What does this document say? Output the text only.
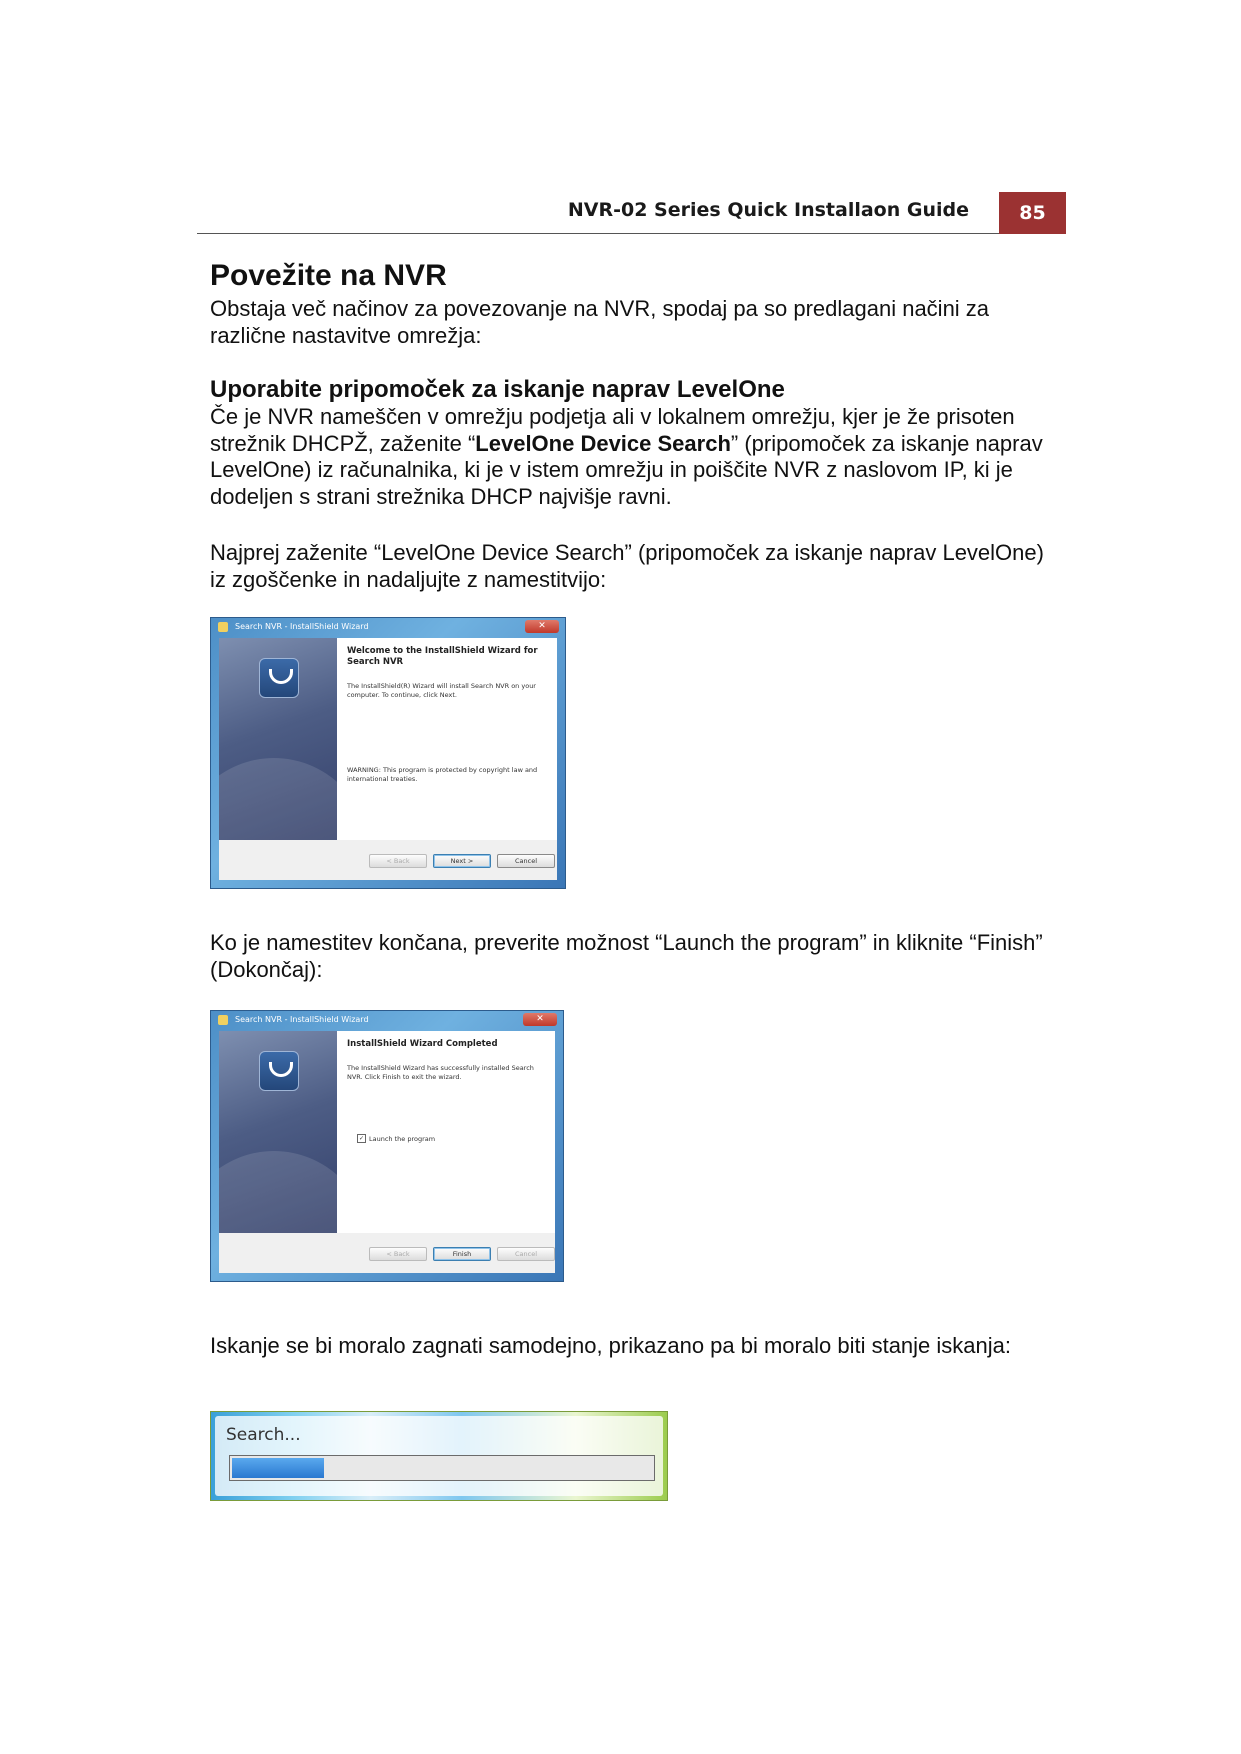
NVR-02 Series Quick Installaon Guide	85
Povežite na NVR

Obstaja več načinov za povezovanje na NVR, spodaj pa so predlagani načini za različne nastavitve omrežja:

Uporabite pripomoček za iskanje naprav LevelOne

Če je NVR nameščen v omrežju podjetja ali v lokalnem omrežju, kjer je že prisoten strežnik DHCPŽ, zaženite “LevelOne Device Search” (pripomoček za iskanje naprav LevelOne) iz računalnika, ki je v istem omrežju in poiščite NVR z naslovom IP, ki je dodeljen s strani strežnika DHCP najvišje ravni.

Najprej zaženite “LevelOne Device Search” (pripomoček za iskanje naprav LevelOne) iz zgoščenke in nadaljujte z namestitvijo:

Search NVR - InstallShield Wizard	✕
Welcome to the InstallShield Wizard for Search NVR
The InstallShield(R) Wizard will install Search NVR on your computer. To continue, click Next.
WARNING: This program is protected by copyright law and international treaties.
< Back	Next >	Cancel

Ko je namestitev končana, preverite možnost “Launch the program” in kliknite “Finish” (Dokončaj):

Search NVR - InstallShield Wizard	✕
InstallShield Wizard Completed
The InstallShield Wizard has successfully installed Search NVR. Click Finish to exit the wizard.
✓ Launch the program
< Back	Finish	Cancel

Iskanje se bi moralo zagnati samodejno, prikazano pa bi moralo biti stanje iskanja:

Search...
